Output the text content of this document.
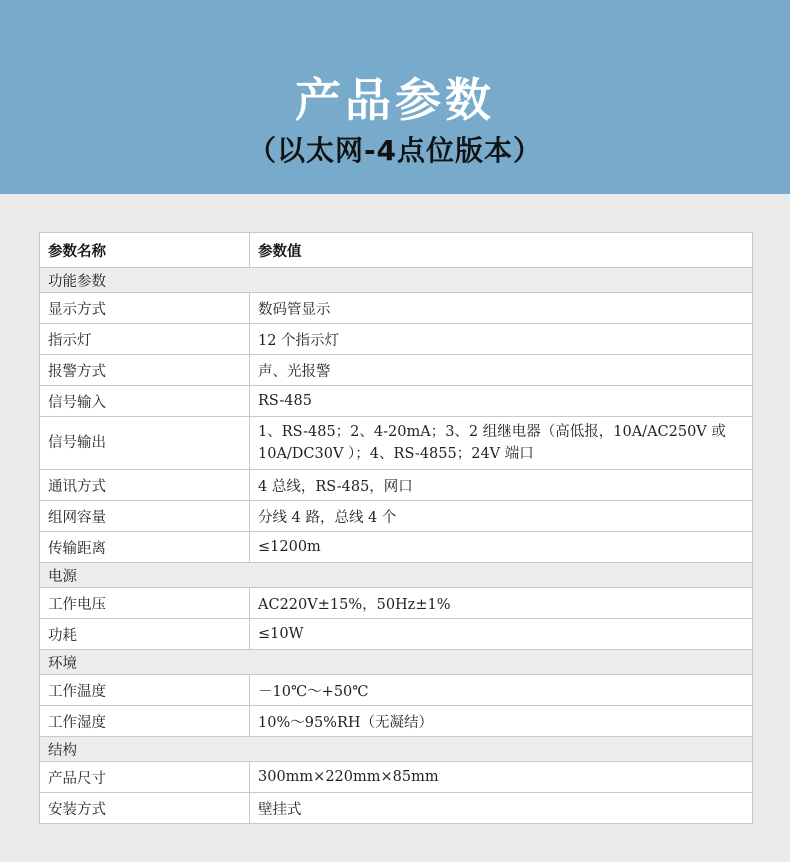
产品参数
（以太网-4点位版本）
参数名称	参数值
功能参数	
显示方式	数码管显示
指示灯	12 个指示灯
报警方式	声、光报警
信号输入	RS-485
信号输出	1、RS-485；2、4-20mA；3、2 组继电器（高低报，10A/AC250V 或 10A/DC30V ）；4、RS-4855；24V 端口
通讯方式	4 总线，RS-485，网口
组网容量	分线 4 路，总线 4 个
传输距离	≤1200m
电源	
工作电压	AC220V±15%，50Hz±1%
功耗	≤10W
环境	
工作温度	－10℃～+50℃
工作湿度	10%～95%RH（无凝结）
结构	
产品尺寸	300mm×220mm×85mm
安装方式	壁挂式
